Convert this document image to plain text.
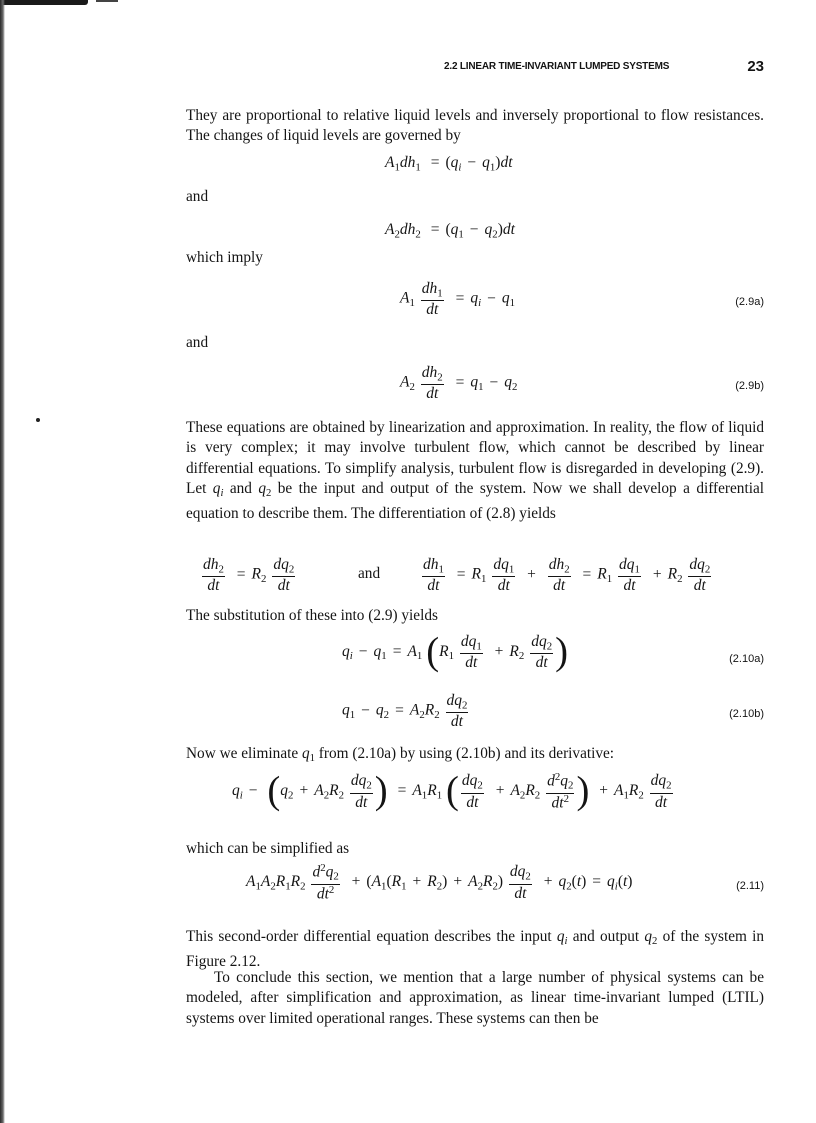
2.2 LINEAR TIME-INVARIANT LUMPED SYSTEMS	23

They are proportional to relative liquid levels and inversely proportional to flow resistances. The changes of liquid levels are governed by

$A_1dh_1 = (q_i - q_1)dt$

and

$A_2dh_2 = (q_1 - q_2)dt$

which imply

$A_1 \frac{dh_1}{dt} = q_i - q_1$	(2.9a)

and

$A_2 \frac{dh_2}{dt} = q_1 - q_2$	(2.9b)

These equations are obtained by linearization and approximation. In reality, the flow of liquid is very complex; it may involve turbulent flow, which cannot be described by linear differential equations. To simplify analysis, turbulent flow is disregarded in developing (2.9). Let $q_i$ and $q_2$ be the input and output of the system. Now we shall develop a differential equation to describe them. The differentiation of (2.8) yields

$\frac{dh_2}{dt} = R_2 \frac{dq_2}{dt}$	and	$\frac{dh_1}{dt} = R_1 \frac{dq_1}{dt} + \frac{dh_2}{dt} = R_1 \frac{dq_1}{dt} + R_2 \frac{dq_2}{dt}$

The substitution of these into (2.9) yields

$q_i - q_1 = A_1$ ($R_1 \frac{dq_1}{dt} + R_2 \frac{dq_2}{dt}$ )	(2.10a)
$q_1 - q_2 = A_2R_2 \frac{dq_2}{dt}$	(2.10b)

Now we eliminate $q_1$ from (2.10a) by using (2.10b) and its derivative:

$q_i - (q_2 + A_2R_2 \frac{dq_2}{dt}$ ) = $A_1R_1$ ( $\frac{dq_2}{dt} + A_2R_2 \frac{d^2q_2}{dt^2}$ ) + $A_1R_2 \frac{dq_2}{dt}$

which can be simplified as

$A_1A_2R_1R_2 \frac{d^2q_2}{dt^2} + (A_1(R_1 + R_2) + A_2R_2) \frac{dq_2}{dt} + q_2(t) = q_i(t)$	(2.11)

This second-order differential equation describes the input $q_i$ and output $q_2$ of the system in Figure 2.12.

To conclude this section, we mention that a large number of physical systems can be modeled, after simplification and approximation, as linear time-invariant lumped (LTIL) systems over limited operational ranges. These systems can then be
